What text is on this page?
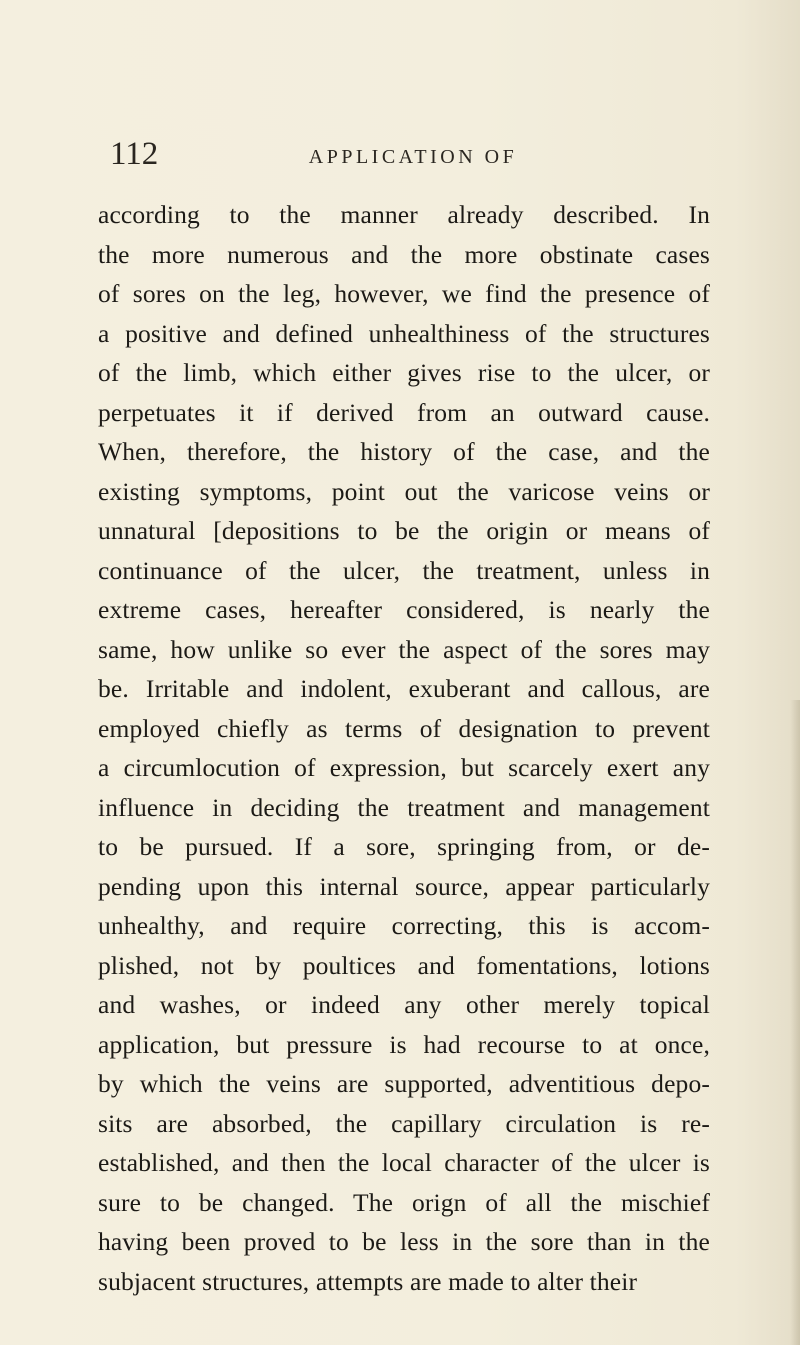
112	APPLICATION OF
according to the manner already described. In
the more numerous and the more obstinate cases
of sores on the leg, however, we find the presence of
a positive and defined unhealthiness of the structures
of the limb, which either gives rise to the ulcer, or
perpetuates it if derived from an outward cause.
When, therefore, the history of the case, and the
existing symptoms, point out the varicose veins or
unnatural [depositions to be the origin or means of
continuance of the ulcer, the treatment, unless in
extreme cases, hereafter considered, is nearly the
same, how unlike so ever the aspect of the sores may
be. Irritable and indolent, exuberant and callous, are
employed chiefly as terms of designation to prevent
a circumlocution of expression, but scarcely exert any
influence in deciding the treatment and management
to be pursued. If a sore, springing from, or de-
pending upon this internal source, appear particularly
unhealthy, and require correcting, this is accom-
plished, not by poultices and fomentations, lotions
and washes, or indeed any other merely topical
application, but pressure is had recourse to at once,
by which the veins are supported, adventitious depo-
sits are absorbed, the capillary circulation is re-
established, and then the local character of the ulcer is
sure to be changed. The orign of all the mischief
having been proved to be less in the sore than in the
subjacent structures, attempts are made to alter their
